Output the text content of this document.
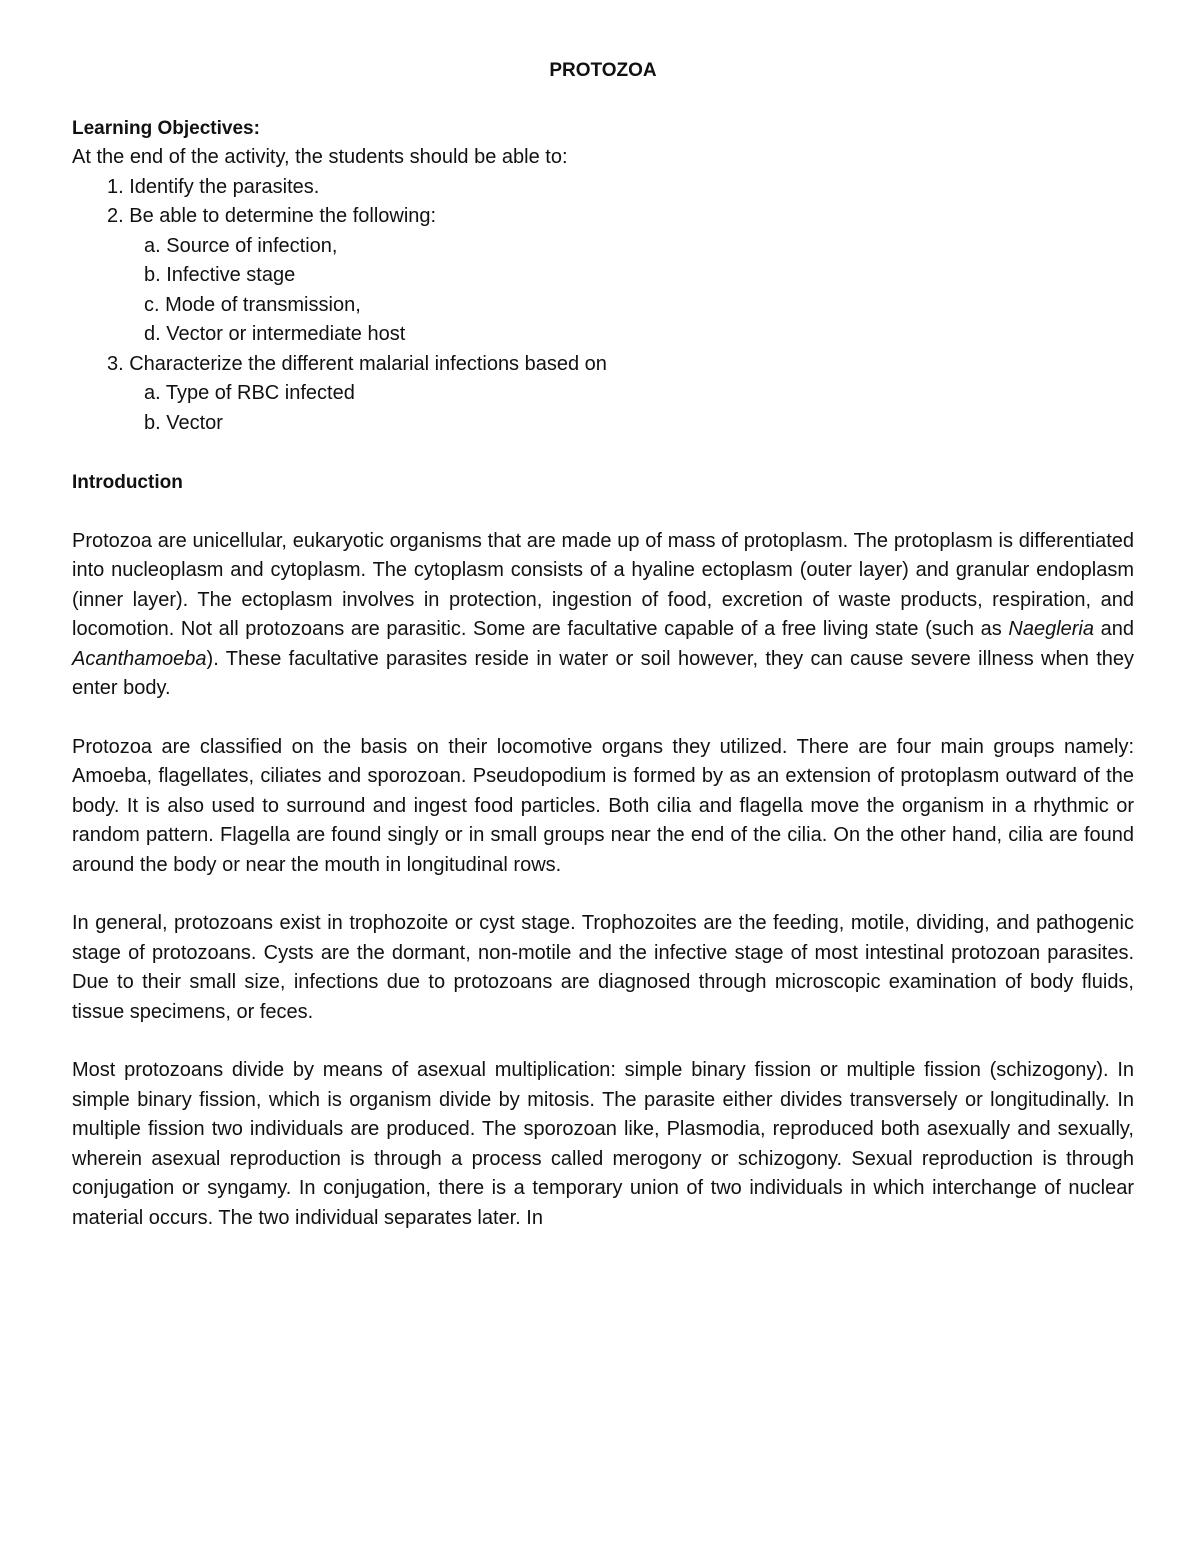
PROTOZOA
Learning Objectives:
At the end of the activity, the students should be able to:
1. Identify the parasites.
2. Be able to determine the following:
a. Source of infection,
b. Infective stage
c. Mode of transmission,
d. Vector or intermediate host
3. Characterize the different malarial infections based on
a. Type of RBC infected
b. Vector
Introduction

Protozoa are unicellular, eukaryotic organisms that are made up of mass of protoplasm. The protoplasm is differentiated into nucleoplasm and cytoplasm. The cytoplasm consists of a hyaline ectoplasm (outer layer) and granular endoplasm (inner layer). The ectoplasm involves in protection, ingestion of food, excretion of waste products, respiration, and locomotion. Not all protozoans are parasitic. Some are facultative capable of a free living state (such as Naegleria and Acanthamoeba). These facultative parasites reside in water or soil however, they can cause severe illness when they enter body.

Protozoa are classified on the basis on their locomotive organs they utilized. There are four main groups namely: Amoeba, flagellates, ciliates and sporozoan. Pseudopodium is formed by as an extension of protoplasm outward of the body. It is also used to surround and ingest food particles. Both cilia and flagella move the organism in a rhythmic or random pattern. Flagella are found singly or in small groups near the end of the cilia. On the other hand, cilia are found around the body or near the mouth in longitudinal rows.

In general, protozoans exist in trophozoite or cyst stage. Trophozoites are the feeding, motile, dividing, and pathogenic stage of protozoans. Cysts are the dormant, non-motile and the infective stage of most intestinal protozoan parasites. Due to their small size, infections due to protozoans are diagnosed through microscopic examination of body fluids, tissue specimens, or feces.

Most protozoans divide by means of asexual multiplication: simple binary fission or multiple fission (schizogony). In simple binary fission, which is organism divide by mitosis. The parasite either divides transversely or longitudinally. In multiple fission two individuals are produced. The sporozoan like, Plasmodia, reproduced both asexually and sexually, wherein asexual reproduction is through a process called merogony or schizogony. Sexual reproduction is through conjugation or syngamy. In conjugation, there is a temporary union of two individuals in which interchange of nuclear material occurs. The two individual separates later. In
